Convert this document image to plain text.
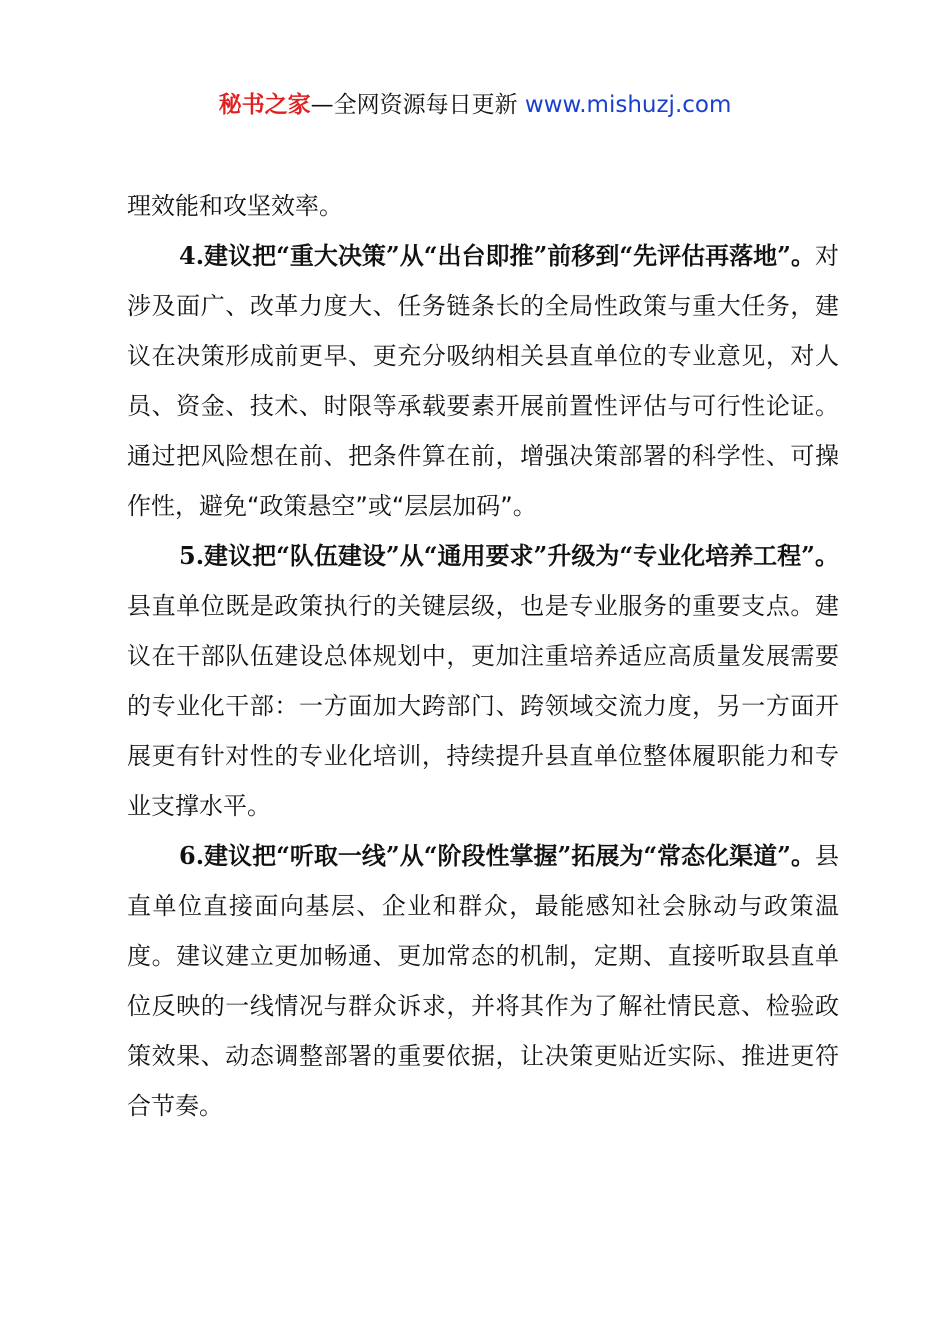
秘书之家—全网资源每日更新 www.mishuzj.com

理效能和攻坚效率。

4.建议把“重大决策”从“出台即推”前移到“先评估再落地”。对涉及面广、改革力度大、任务链条长的全局性政策与重大任务，建议在决策形成前更早、更充分吸纳相关县直单位的专业意见，对人员、资金、技术、时限等承载要素开展前置性评估与可行性论证。通过把风险想在前、把条件算在前，增强决策部署的科学性、可操作性，避免“政策悬空”或“层层加码”。

5.建议把“队伍建设”从“通用要求”升级为“专业化培养工程”。县直单位既是政策执行的关键层级，也是专业服务的重要支点。建议在干部队伍建设总体规划中，更加注重培养适应高质量发展需要的专业化干部：一方面加大跨部门、跨领域交流力度，另一方面开展更有针对性的专业化培训，持续提升县直单位整体履职能力和专业支撑水平。

6.建议把“听取一线”从“阶段性掌握”拓展为“常态化渠道”。县直单位直接面向基层、企业和群众，最能感知社会脉动与政策温度。建议建立更加畅通、更加常态的机制，定期、直接听取县直单位反映的一线情况与群众诉求，并将其作为了解社情民意、检验政策效果、动态调整部署的重要依据，让决策更贴近实际、推进更符合节奏。
